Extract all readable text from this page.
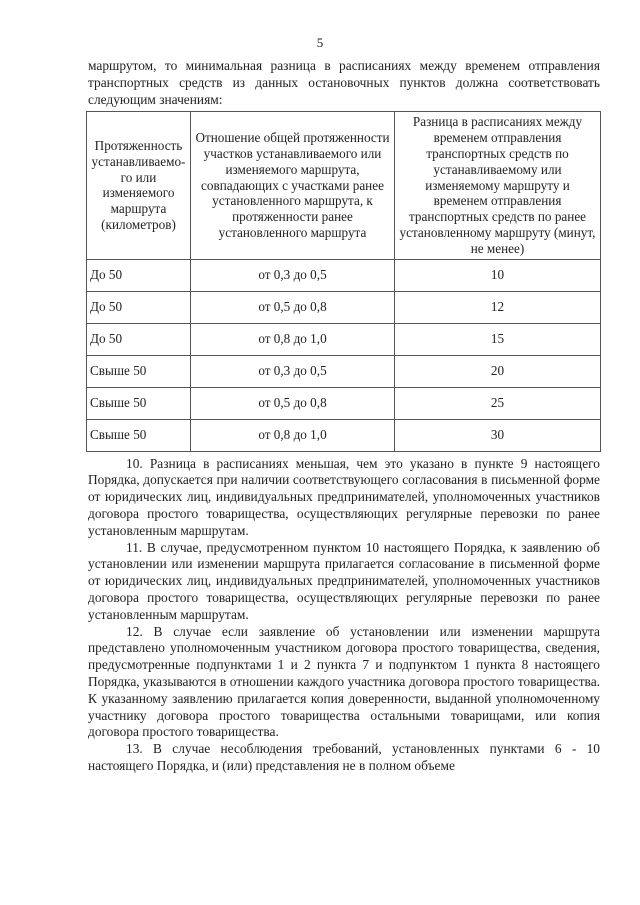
5

маршрутом, то минимальная разница в расписаниях между временем отправления транспортных средств из данных остановочных пунктов должна соответствовать следующим значениям:

Протяженность устанавливаемо-го или изменяемого маршрута (километров)	Отношение общей протяженности участков устанавливаемого или изменяемого маршрута, совпадающих с участками ранее установленного маршрута, к протяженности ранее установленного маршрута	Разница в расписаниях между временем отправления транспортных средств по устанавливаемому или изменяемому маршруту и временем отправления транспортных средств по ранее установленному маршруту (минут, не менее)
До 50	от 0,3 до 0,5	10
До 50	от 0,5 до 0,8	12
До 50	от 0,8 до 1,0	15
Свыше 50	от 0,3 до 0,5	20
Свыше 50	от 0,5 до 0,8	25
Свыше 50	от 0,8 до 1,0	30

10. Разница в расписаниях меньшая, чем это указано в пункте 9 настоящего Порядка, допускается при наличии соответствующего согласования в письменной форме от юридических лиц, индивидуальных предпринимателей, уполномоченных участников договора простого товарищества, осуществляющих регулярные перевозки по ранее установленным маршрутам.

11. В случае, предусмотренном пунктом 10 настоящего Порядка, к заявлению об установлении или изменении маршрута прилагается согласование в письменной форме от юридических лиц, индивидуальных предпринимателей, уполномоченных участников договора простого товарищества, осуществляющих регулярные перевозки по ранее установленным маршрутам.

12. В случае если заявление об установлении или изменении маршрута представлено уполномоченным участником договора простого товарищества, сведения, предусмотренные подпунктами 1 и 2 пункта 7 и подпунктом 1 пункта 8 настоящего Порядка, указываются в отношении каждого участника договора простого товарищества. К указанному заявлению прилагается копия доверенности, выданной уполномоченному участнику договора простого товарищества остальными товарищами, или копия договора простого товарищества.

13. В случае несоблюдения требований, установленных пунктами 6 - 10 настоящего Порядка, и (или) представления не в полном объеме
